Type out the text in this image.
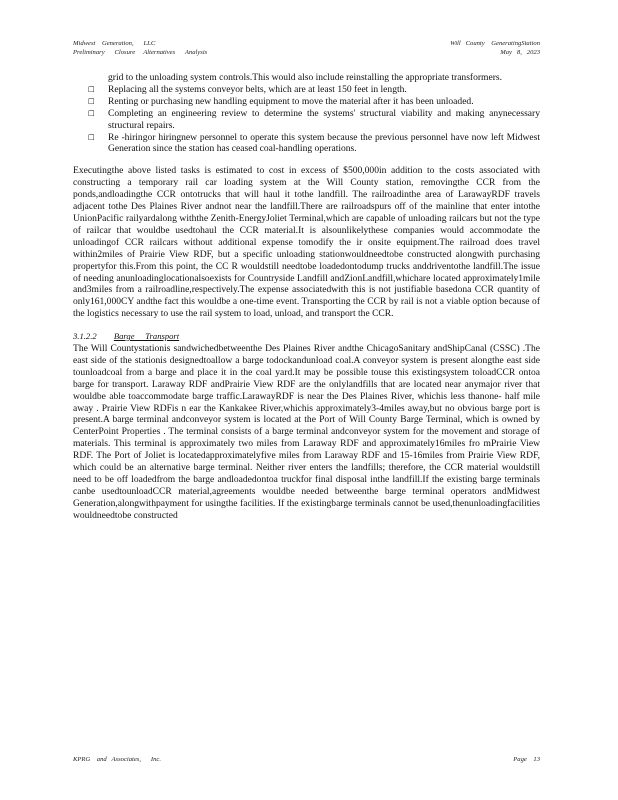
Midwest    Generation,      LLC	Will   County    GeneratingStation
Preliminary      Closure     Alternatives      Analysis	May   8,   2023
grid to the unloading system controls.This would also include reinstalling the appropriate transformers.
☐ Replacing all the systems conveyor belts, which are at least 150 feet in length.
☐ Renting or purchasing new handling equipment to move the material after it has been unloaded.
☐ Completing an engineering review to determine the systems' structural viability and making anynecessary structural repairs.
☐ Re -hiringor hiringnew personnel to operate this system because the previous personnel have now left Midwest Generation since the station has ceased coal-handling operations.

Executingthe above listed tasks is estimated to cost in excess of $500,000in addition to the costs associated with constructing a temporary rail car loading system at the Will County station, removingthe CCR from the ponds,andloadingthe CCR ontotrucks that will haul it tothe landfill. The railroadinthe area of LarawayRDF travels adjacent tothe Des Plaines River andnot near the landfill.There are railroadspurs off of the mainline that enter intothe UnionPacific railyardalong withthe Zenith-EnergyJoliet Terminal,which are capable of unloading railcars but not the type of railcar that wouldbe usedtohaul the CCR material.It is alsounlikelythese companies would accommodate the unloadingof CCR railcars without additional expense tomodify the ir onsite equipment.The railroad does travel within2miles of Prairie View RDF, but a specific unloading stationwouldneedtobe constructed alongwith purchasing propertyfor this.From this point, the CC R wouldstill needtobe loadedontodump trucks anddriventothe landfill.The issue of needing anunloadinglocationalsoexists for Countryside Landfill andZionLandfill,whichare located approximately1mile and3miles from a railroadline,respectively.The expense associatedwith this is not justifiable basedona CCR quantity of only161,000CY andthe fact this wouldbe a one-time event. Transporting the CCR by rail is not a viable option because of the logistics necessary to use the rail system to load, unload, and transport the CCR.

3.1.2.2 Barge     Transport

The Will Countystationis sandwichedbetweenthe Des Plaines River andthe ChicagoSanitary andShipCanal (CSSC) .The east side of the stationis designedtoallow a barge todockandunload coal.A conveyor system is present alongthe east side tounloadcoal from a barge and place it in the coal yard.It may be possible touse this existingsystem toloadCCR ontoa barge for transport. Laraway RDF andPrairie View RDF are the onlylandfills that are located near anymajor river that wouldbe able toaccommodate barge traffic.LarawayRDF is near the Des Plaines River, whichis less thanone- half mile away . Prairie View RDFis n ear the Kankakee River,whichis approximately3-4miles away,but no obvious barge port is present.A barge terminal andconveyor system is located at the Port of Will County Barge Terminal, which is owned by CenterPoint Properties . The terminal consists of a barge terminal andconveyor system for the movement and storage of materials. This terminal is approximately two miles from Laraway RDF and approximately16miles fro mPrairie View RDF. The Port of Joliet is locatedapproximatelyfive miles from Laraway RDF and 15-16miles from Prairie View RDF, which could be an alternative barge terminal. Neither river enters the landfills; therefore, the CCR material wouldstill need to be off loadedfrom the barge andloadedontoa truckfor final disposal inthe landfill.If the existing barge terminals canbe usedtounloadCCR material,agreements wouldbe needed betweenthe barge terminal operators andMidwest Generation,alongwithpayment for usingthe facilities. If the existingbarge terminals cannot be used,thenunloadingfacilities wouldneedtobe constructed

KPRG    and   Associates,      Inc.	Page    13
